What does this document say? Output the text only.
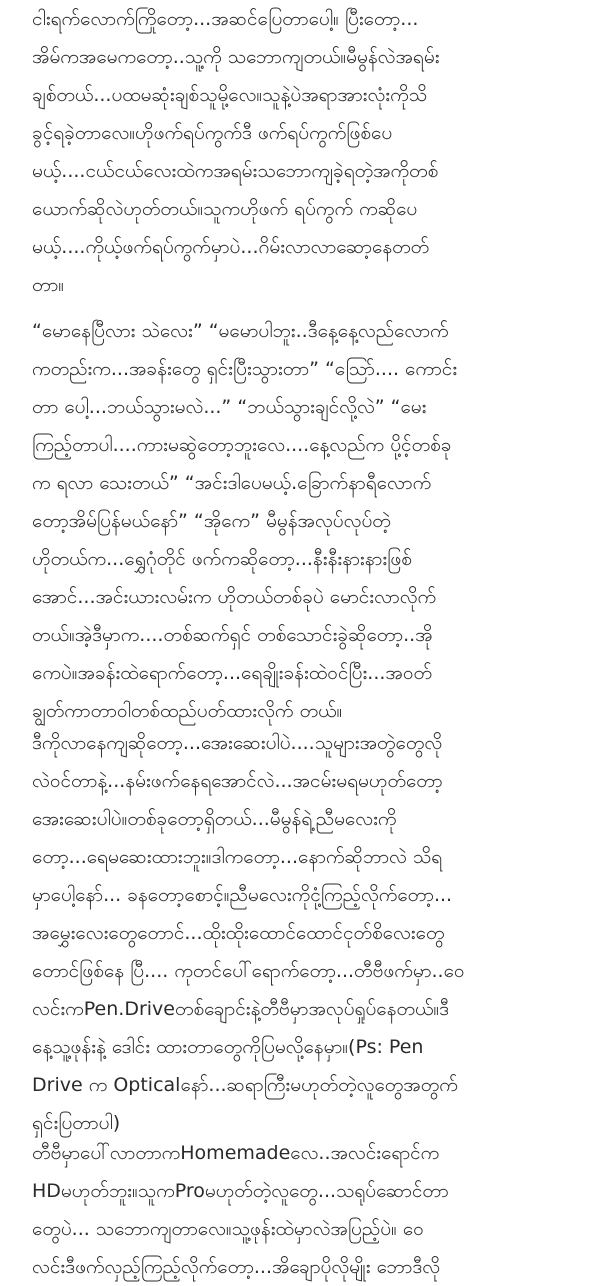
ငါးရက်လောက်ကြိုတော့...အဆင်ပြေတာပေါ့။ ပြီးတော့...
အိမ်ကအမေကတော့..သူ့ကို သဘောကျတယ်။မီမွန်လဲအရမ်း
ချစ်တယ်...ပထမဆုံးချစ်သူမို့လေ။သူနဲ့ပဲအရာအားလုံးကိုသိ
ခွင့်ရခဲ့တာလေ။ဟိုဖက်ရပ်ကွက်ဒီ ဖက်ရပ်ကွက်ဖြစ်ပေ
မယ့်....ငယ်ငယ်လေးထဲကအရမ်းသဘောကျခဲ့ရတဲ့အကိုတစ်
ယောက်ဆိုလဲဟုတ်တယ်။သူကဟိုဖက် ရပ်ကွက် ကဆိုပေ
မယ့်....ကိုယ့်ဖက်ရပ်ကွက်မှာပဲ...ဂိမ်းလာလာဆော့နေတတ်
တာ။
“မောနေပြီလား သဲလေး” “မမောပါဘူး..ဒီနေ့နေ့လည်လောက်
ကတည်းက...အခန်းတွေ ရှင်းပြီးသွားတာ” “သြော်.... ကောင်း
တာ ပေါ့...ဘယ်သွားမလဲ...” “ဘယ်သွားချင်လို့လဲ” “မေး
ကြည့်တာပါ....ကားမဆွဲတော့ဘူးလေ....နေ့လည်က ပို့င့်တစ်ခု
က ရလာ သေးတယ်” “အင်းဒါပေမယ့်.ခြောက်နာရီလောက်
တော့အိမ်ပြန်မယ်နော်” “အိုကေ” မီမွန်အလုပ်လုပ်တဲ့
ဟိုတယ်က...ရွှေဂုံတိုင် ဖက်ကဆိုတော့...နီးနီးနားနားဖြစ်
အောင်...အင်းယားလမ်းက ဟိုတယ်တစ်ခုပဲ မောင်းလာလိုက်
တယ်။အဲ့ဒီမှာက....တစ်ဆက်ရှင် တစ်သောင်းခွဲဆိုတော့..အို
ကေပဲ။အခန်းထဲရောက်တော့...ရေချိုးခန်းထဲဝင်ပြီး...အဝတ်
ချွတ်ကာတာဝါတစ်ထည်ပတ်ထားလိုက် တယ်။
ဒီကိုလာနေကျဆိုတော့...အေးဆေးပါပဲ....သူများအတွဲတွေလို
လဲဝင်တာနဲ့...နမ်းဖက်နေရအောင်လဲ...အငမ်းမရမဟုတ်တော့
အေးဆေးပါပဲ။တစ်ခုတော့ရှိတယ်...မီမွန်ရဲ့ညီမလေးကို
တော့...ရေမဆေးထားဘူး။ဒါကတော့...နောက်ဆိုဘာလဲ သိရ
မှာပေါ့နော်... ခနတော့စောင့်။ညီမလေးကိုငုံ့ကြည့်လိုက်တော့...
အမွှေးလေးတွေတောင်...ထိုးထိုးထောင်ထောင်ငုတ်စိလေးတွေ
တောင်ဖြစ်နေ ပြီ.... ကုတင်ပေါ်ရောက်တော့...တီဗီဖက်မှာ..ဝေ
လင်းကPen.Driveတစ်ချောင်းနဲ့တီဗီမှာအလုပ်ရှုပ်နေတယ်။ဒီ
နေ့သူ့ဖုန်းနဲ့ ဒေါင်း ထားတာတွေကိုပြမလို့နေမှာ။(Ps: Pen
Drive က Opticalနော်...ဆရာကြီးမဟုတ်တဲ့လူတွေအတွက်
ရှင်းပြတာပါ)
တီဗီမှာပေါ်လာတာကHomemadeလေ..အလင်းရောင်က
HDမဟုတ်ဘူး။သူကProမဟုတ်တဲ့လူတွေ...သရုပ်ဆောင်တာ
တွေပဲ... သဘောကျတာလေ။သူ့ဖုန်းထဲမှာလဲအပြည့်ပဲ။ ဝေ
လင်းဒီဖက်လှည့်ကြည့်လိုက်တော့...အိချောပိုလိုမျိုး ဘောဒီလို
